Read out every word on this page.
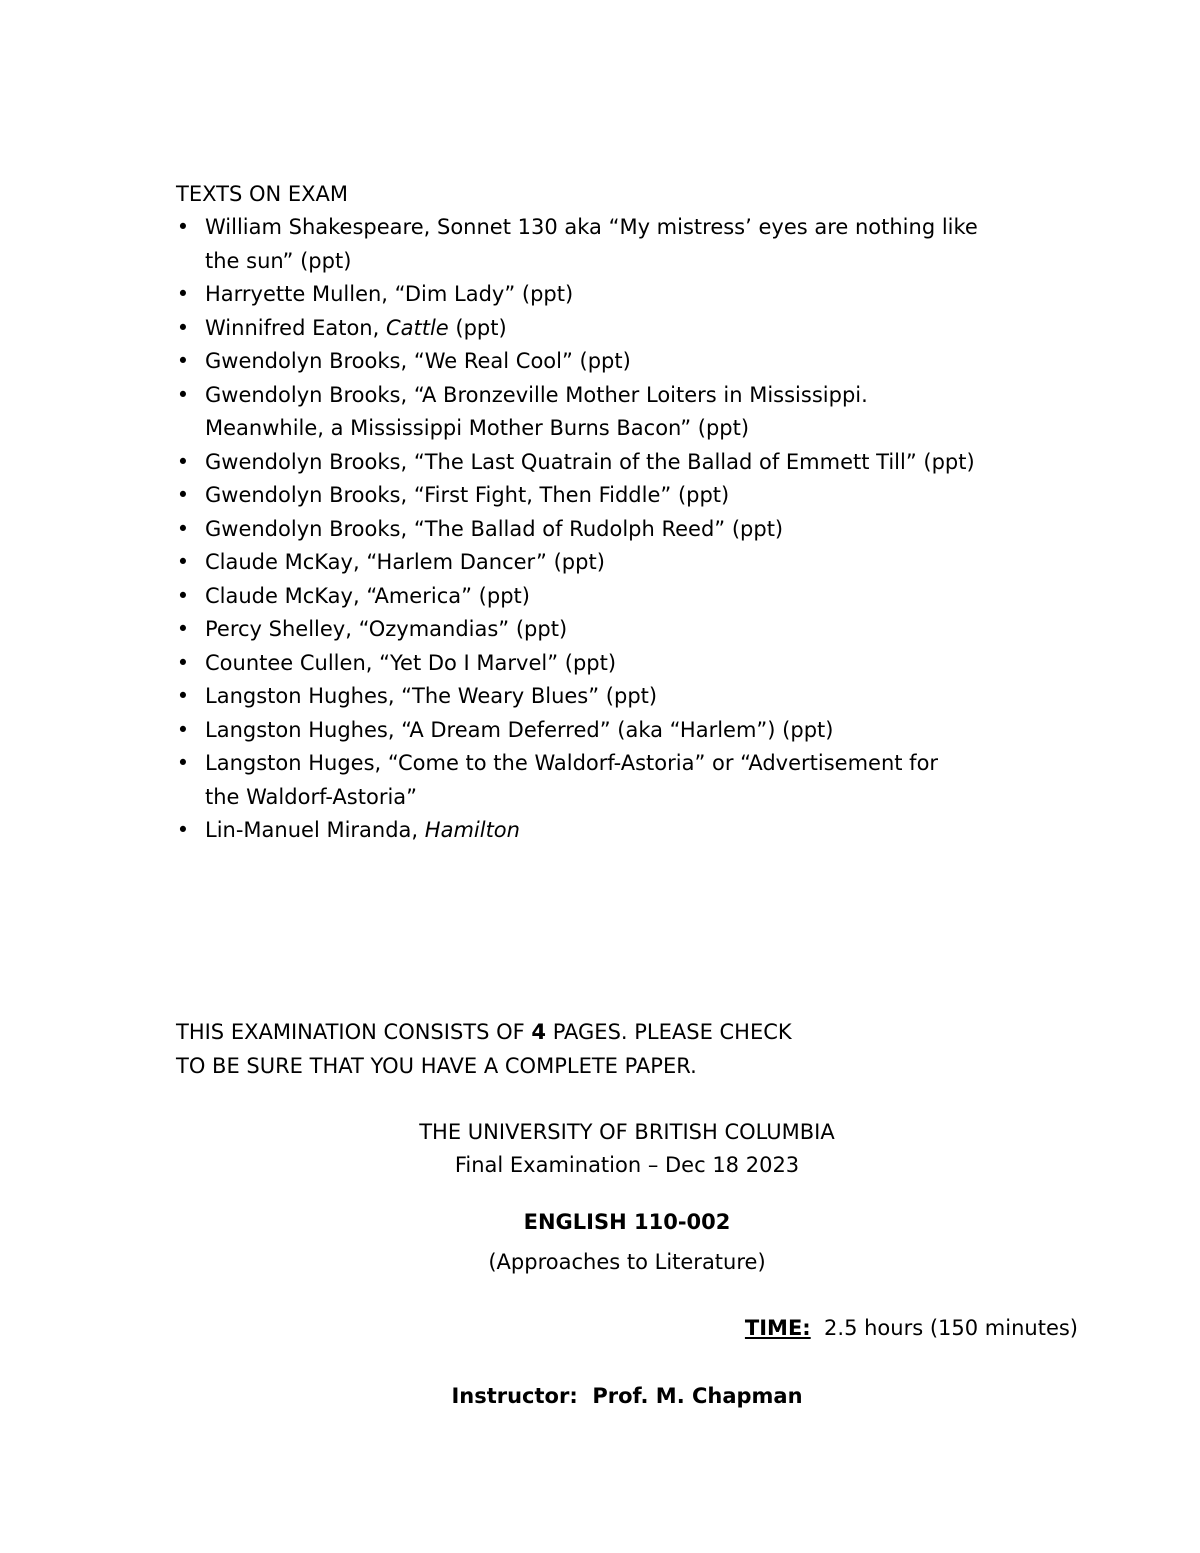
TEXTS ON EXAM
• William Shakespeare, Sonnet 130 aka “My mistress’ eyes are nothing like
the sun” (ppt)
• Harryette Mullen, “Dim Lady” (ppt)
• Winnifred Eaton, Cattle (ppt)
• Gwendolyn Brooks, “We Real Cool” (ppt)
• Gwendolyn Brooks, “A Bronzeville Mother Loiters in Mississippi.
Meanwhile, a Mississippi Mother Burns Bacon” (ppt)
• Gwendolyn Brooks, “The Last Quatrain of the Ballad of Emmett Till” (ppt)
• Gwendolyn Brooks, “First Fight, Then Fiddle” (ppt)
• Gwendolyn Brooks, “The Ballad of Rudolph Reed” (ppt)
• Claude McKay, “Harlem Dancer” (ppt)
• Claude McKay, “America” (ppt)
• Percy Shelley, “Ozymandias” (ppt)
• Countee Cullen, “Yet Do I Marvel” (ppt)
• Langston Hughes, “The Weary Blues” (ppt)
• Langston Hughes, “A Dream Deferred” (aka “Harlem”) (ppt)
• Langston Huges, “Come to the Waldorf-Astoria” or “Advertisement for
the Waldorf-Astoria”
• Lin-Manuel Miranda, Hamilton
THIS EXAMINATION CONSISTS OF 4 PAGES. PLEASE CHECK
TO BE SURE THAT YOU HAVE A COMPLETE PAPER.
THE UNIVERSITY OF BRITISH COLUMBIA
Final Examination – Dec 18 2023
ENGLISH 110-002
(Approaches to Literature)
TIME:  2.5 hours (150 minutes)
Instructor:  Prof. M. Chapman
